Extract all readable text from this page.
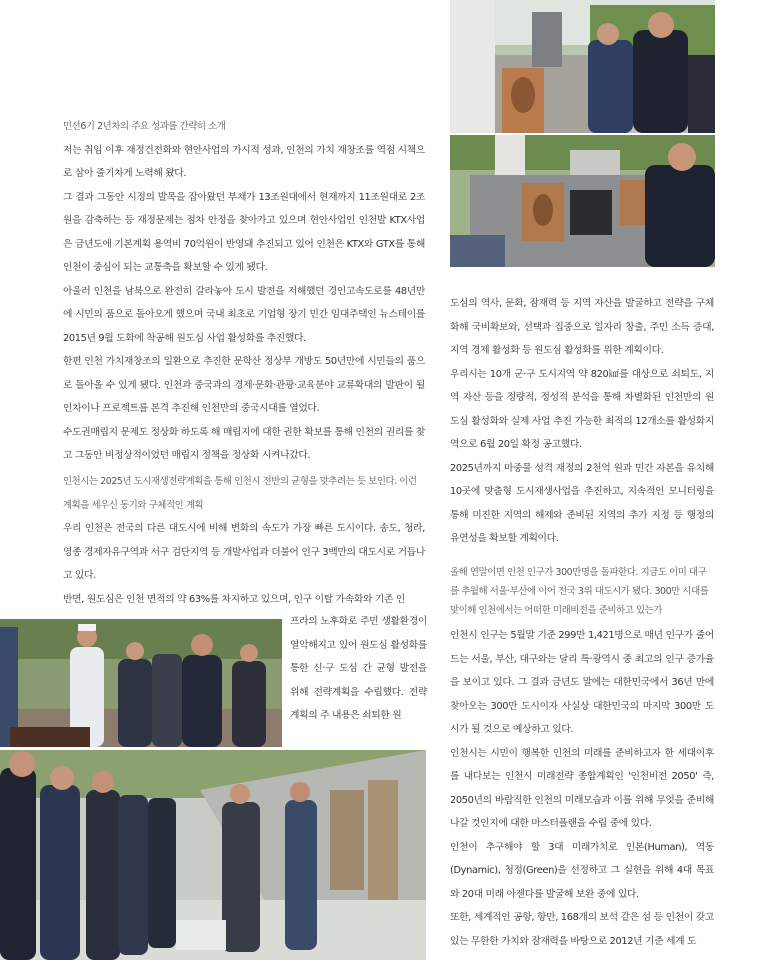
민선6기 2년차의 주요 성과를 간략히 소개

저는 취임 이후 재정건전화와 현안사업의 가시적 성과, 인천의 가치 재창조를 역점 시책으로 삼아 줄기차게 노력해 왔다.

그 결과 그동안 시정의 발목을 잡아왔던 부채가 13조원대에서 현재까지 11조원대로 2조원을 감축하는 등 재정문제는 점차 안정을 찾아가고 있으며 현안사업인 인천발 KTX사업은 금년도에 기본계획 용역비 70억원이 반영돼 추진되고 있어 인천은 KTX와 GTX를 통해 인천이 중심이 되는 교통축을 확보할 수 있게 됐다.

아울러 인천을 남북으로 완전히 갈라놓아 도시 발전을 저해했던 경인고속도로를 48년만에 시민의 품으로 돌아오게 했으며 국내 최초로 기업형 장기 민간 임대주택인 뉴스테이를 2015년 9월 도화에 착공해 원도심 사업 활성화를 추진했다.

한편 인천 가치재창조의 일환으로 추진한 문학산 정상부 개방도 50년만에 시민들의 품으로 돌아올 수 있게 됐다. 인천과 중국과의 경제·문화·관광·교육분야 교류확대의 발판이 될 인차이나 프로젝트를 본격 추진해 인천만의 중국시대를 열었다.

수도권매립지 문제도 정상화 하도록 해 매립지에 대한 권한 확보를 통해 인천의 권리를 찾고 그동안 비정상적이었던 매립지 정책을 정상화 시켜나갔다.

인천시는 2025년 도시재생전략계획을 통해 인천시 전반의 균형을 맞추려는 듯 보인다. 이런 계획을 세우신 동기와 구체적인 계획

우리 인천은 전국의 다른 대도시에 비해 변화의 속도가 가장 빠른 도시이다. 송도, 청라, 영종 경제자유구역과 서구 검단지역 등 개발사업과 더불어 인구 3백만의 대도시로 거듭나고 있다.

반면, 원도심은 인천 면적의 약 63%를 차지하고 있으며, 인구 이탈 가속화와 기존 인

프라의 노후화로 주민 생활환경이 열악해지고 있어 원도심 활성화를 통한 신·구 도심 간 균형 발전을 위해 전략계획을 수립했다. 전략계획의 주 내용은 쇠퇴한 원

도심의 역사, 문화, 잠재력 등 지역 자산을 발굴하고 전략을 구체화해 국비확보와, 선택과 집중으로 일자리 창출, 주민 소득 증대, 지역 경제 활성화 등 원도심 활성화를 위한 계획이다.

우리시는 10개 군·구 도시지역 약 820㎢를 대상으로 쇠퇴도, 지역 자산 등을 정량적, 정성적 분석을 통해 차별화된 인천만의 원도심 활성화와 실제 사업 추진 가능한 최적의 12개소를 활성화지역으로 6월 20일 확정 공고했다.

2025년까지 마중물 성격 재정의 2천억 원과 민간 자본을 유치해 10곳에 맞춤형 도시재생사업을 추진하고, 지속적인 모니터링을 통해 미진한 지역의 해제와 준비된 지역의 추가 지정 등 행정의 유연성을 확보할 계획이다.

올해 연말이면 인천 인구가 300만명을 돌파한다. 지금도 이미 대구를 추월해 서울·부산에 이어 전국 3위 대도시가 됐다. 300만 시대를 맞이해 인천에서는 어떠한 미래비전을 준비하고 있는가

인천시 인구는 5월말 기준 299만 1,421명으로 매년 인구가 줄어드는 서울, 부산, 대구와는 달리 특·광역시 중 최고의 인구 증가율을 보이고 있다. 그 결과 금년도 말에는 대한민국에서 36년 만에 찾아오는 300만 도시이자 사실상 대한민국의 마지막 300만 도시가 될 것으로 예상하고 있다.

인천시는 시민이 행복한 인천의 미래를 준비하고자 한 세대이후를 내다보는 인천시 미래전략 종합계획인 '인천비전 2050' 즉, 2050년의 바람직한 인천의 미래모습과 이를 위해 무엇을 준비해 나갈 것인지에 대한 마스터플랜을 수립 중에 있다.

인천이 추구해야 할 3대 미래가치로 인본(Human), 역동(Dynamic), 청정(Green)을 선정하고 그 실현을 위해 4대 목표와 20대 미래 아젠다를 발굴해 보완 중에 있다.

또한, 세계적인 공항, 항만, 168개의 보석 같은 섬 등 인천이 갖고 있는 무한한 가치와 잠재력을 바탕으로 2012년 기준 세계 도
